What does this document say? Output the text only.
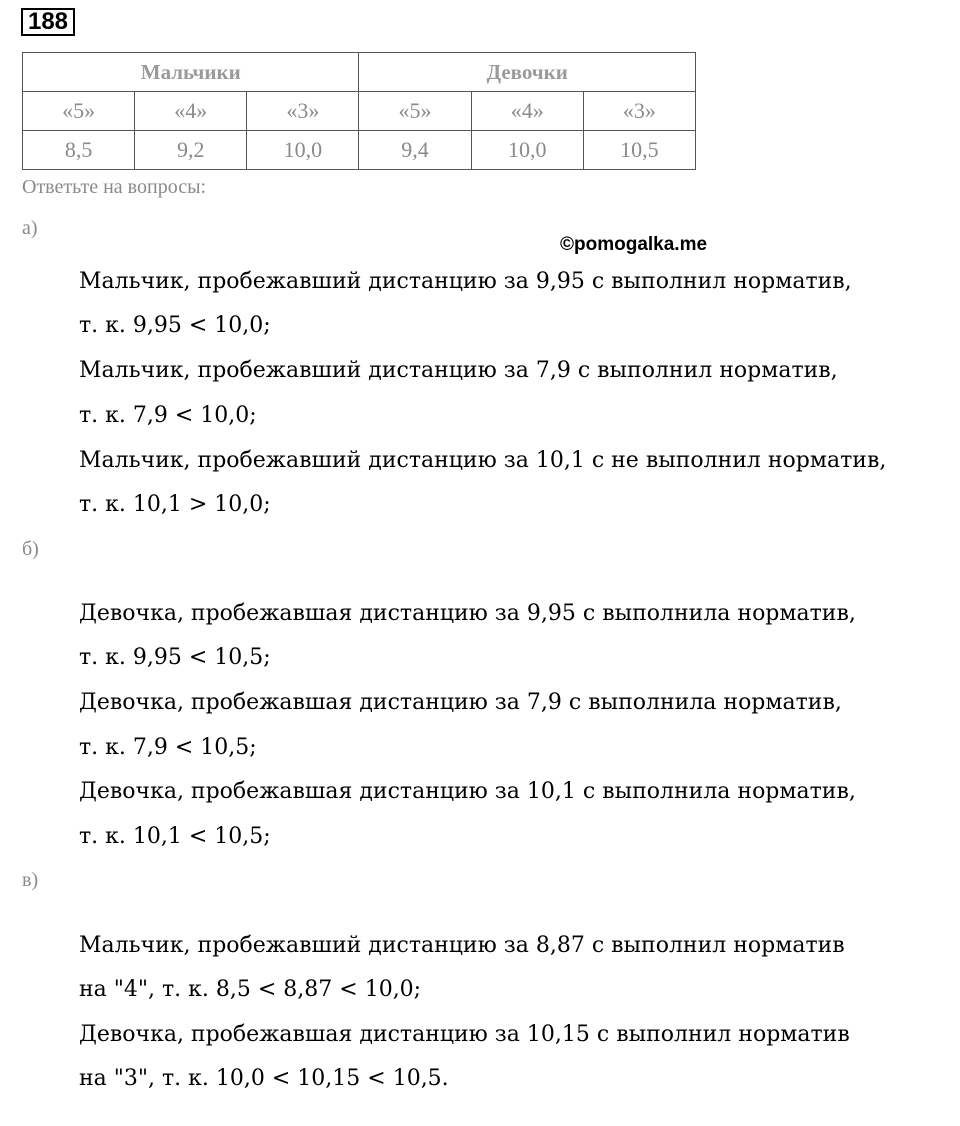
188
Мальчики			Девочки		
«5»	«4»	«3»	«5»	«4»	«3»
8,5	9,2	10,0	9,4	10,0	10,5
Ответьте на вопросы:
а)
©pomogalka.me
Мальчик, пробежавший дистанцию за 9,95 с выполнил норматив,
т. к. 9,95 < 10,0;
Мальчик, пробежавший дистанцию за 7,9 с выполнил норматив,
т. к. 7,9 < 10,0;
Мальчик, пробежавший дистанцию за 10,1 с не выполнил норматив,
т. к. 10,1 > 10,0;
б)
Девочка, пробежавшая дистанцию за 9,95 с выполнила норматив,
т. к. 9,95 < 10,5;
Девочка, пробежавшая дистанцию за 7,9 с выполнила норматив,
т. к. 7,9 < 10,5;
Девочка, пробежавшая дистанцию за 10,1 с выполнила норматив,
т. к. 10,1 < 10,5;
в)
Мальчик, пробежавший дистанцию за 8,87 с выполнил норматив
на "4", т. к. 8,5 < 8,87 < 10,0;
Девочка, пробежавшая дистанцию за 10,15 с выполнил норматив
на "3", т. к. 10,0 < 10,15 < 10,5.
